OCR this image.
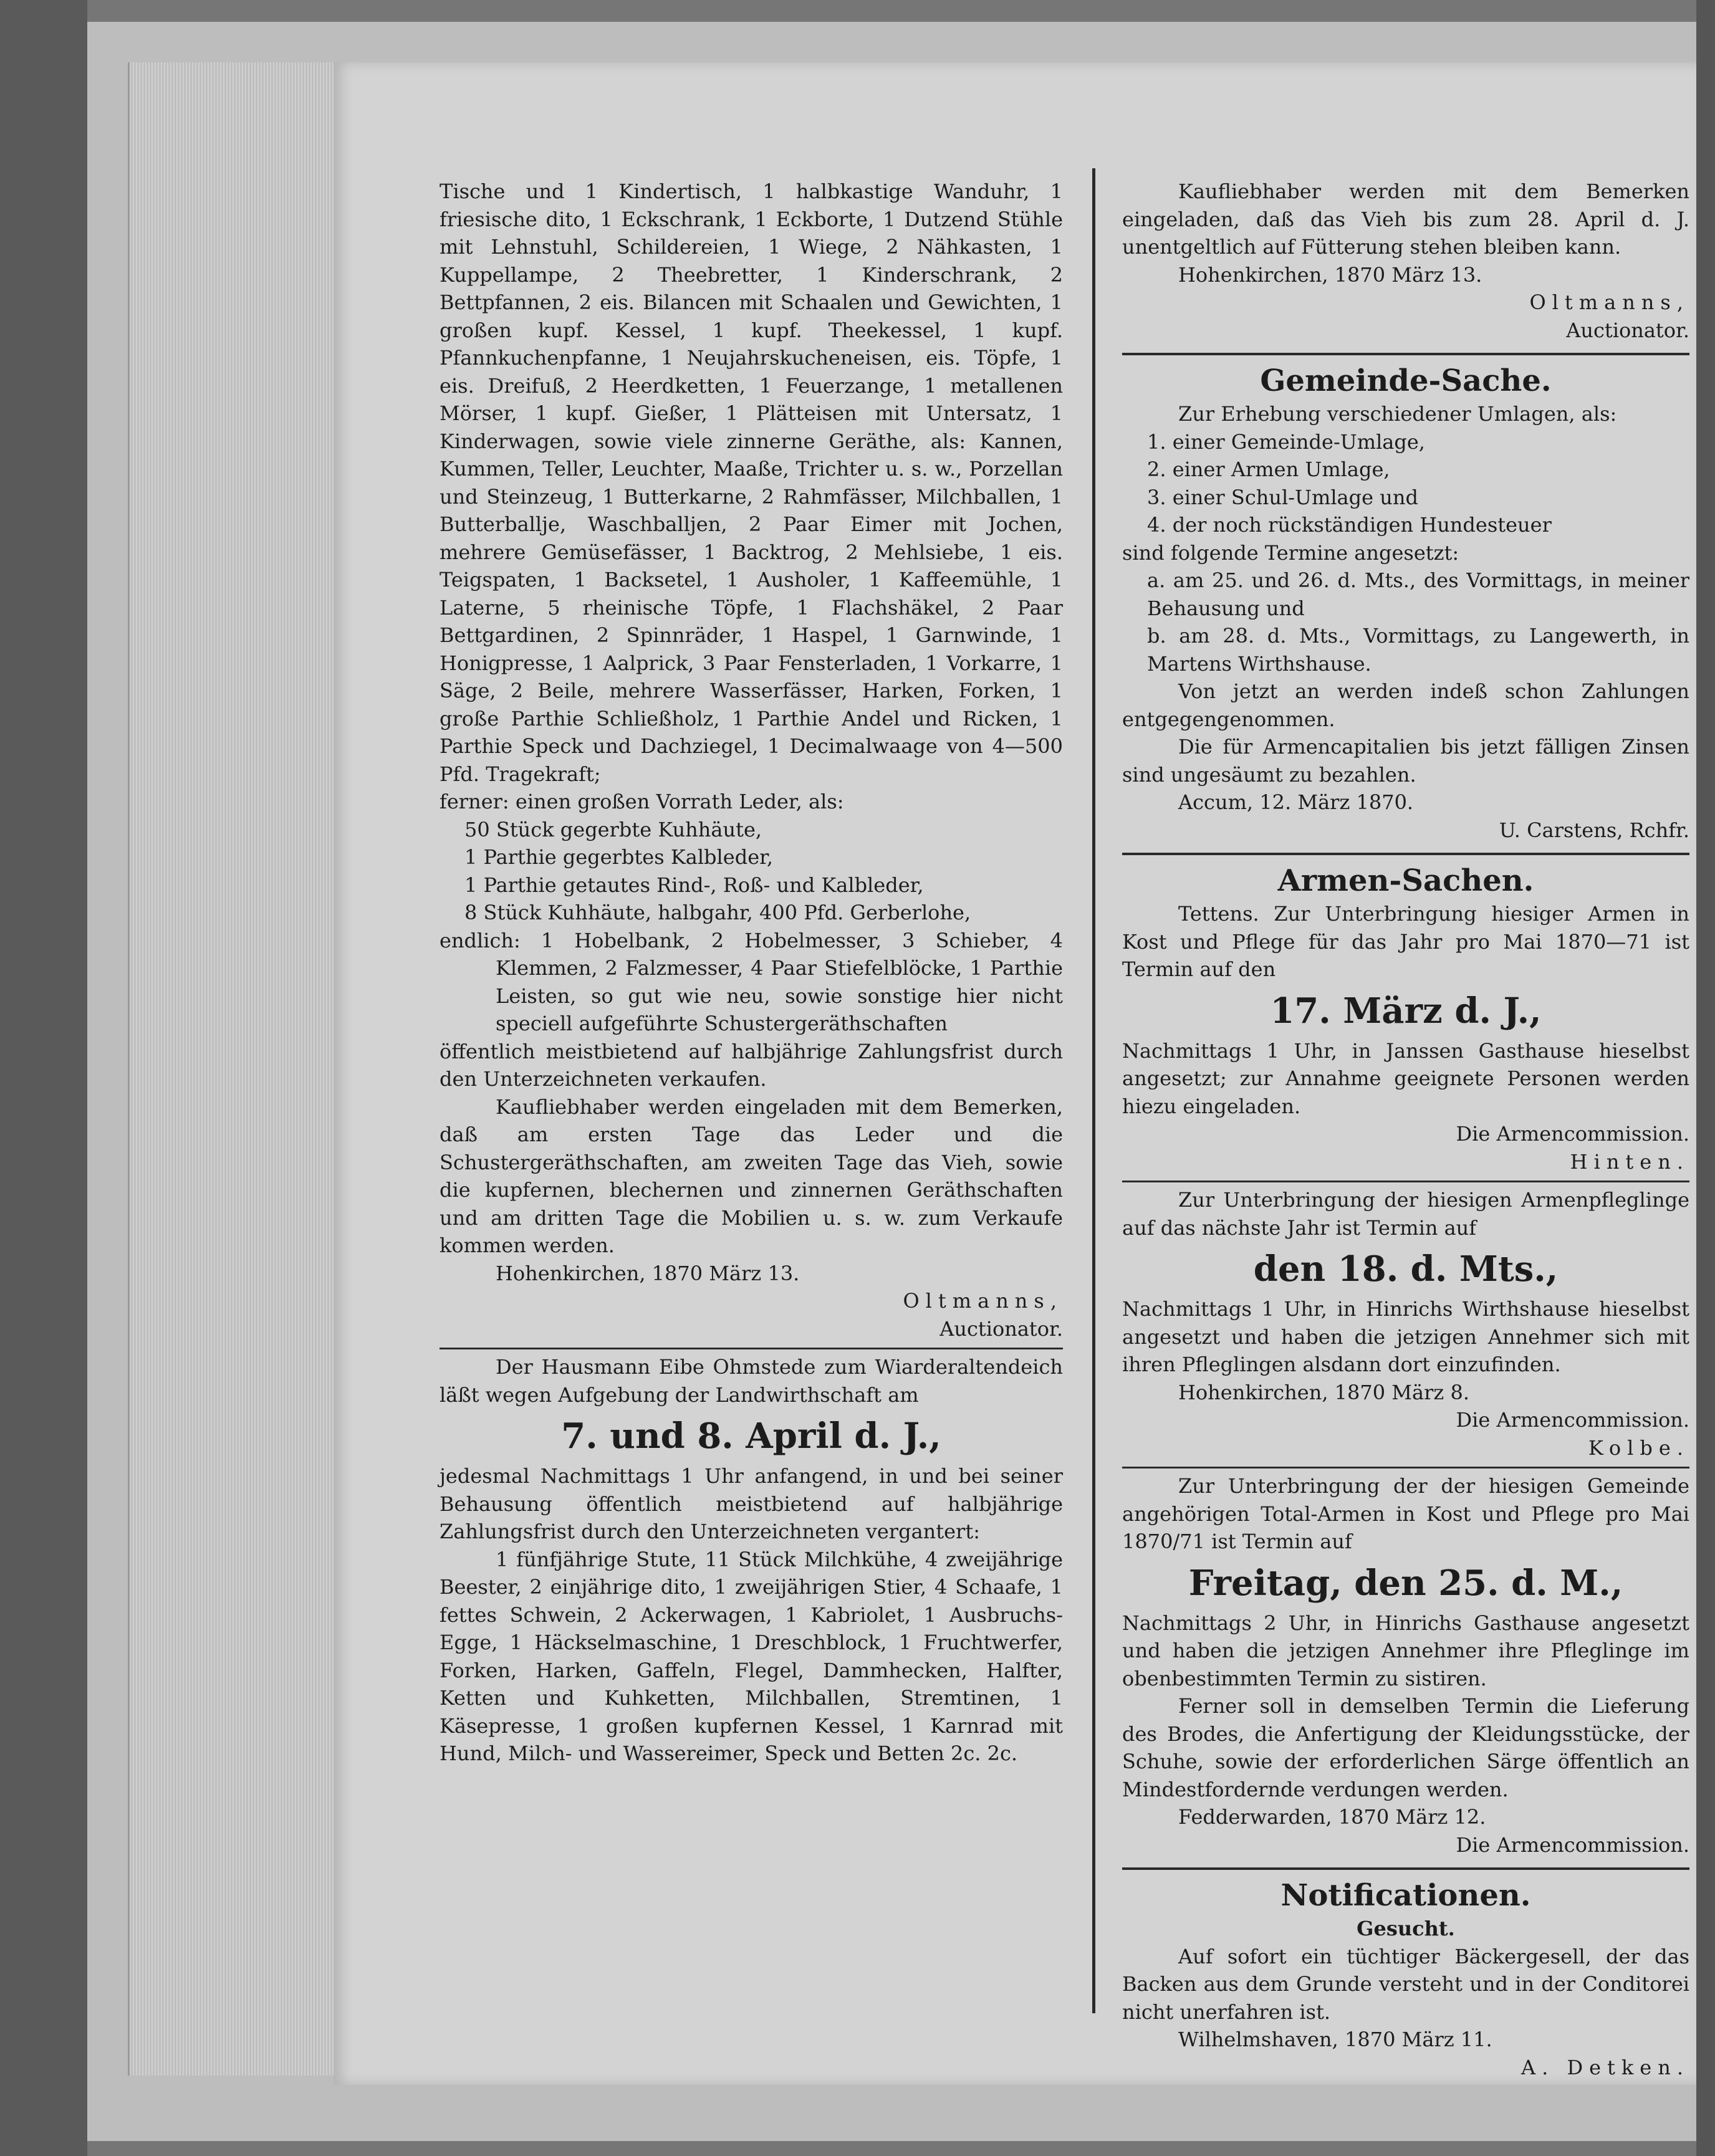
Tische und 1 Kindertisch, 1 halbkastige Wanduhr, 1 friesische dito, 1 Eckschrank, 1 Eckborte, 1 Dutzend Stühle mit Lehnstuhl, Schildereien, 1 Wiege, 2 Nähkasten, 1 Kuppellampe, 2 Theebretter, 1 Kinderschrank, 2 Bettpfannen, 2 eis. Bilancen mit Schaalen und Gewichten, 1 großen kupf. Kessel, 1 kupf. Theekessel, 1 kupf. Pfannkuchenpfanne, 1 Neujahrskucheneisen, eis. Töpfe, 1 eis. Dreifuß, 2 Heerdketten, 1 Feuerzange, 1 metallenen Mörser, 1 kupf. Gießer, 1 Plätteisen mit Untersatz, 1 Kinderwagen, sowie viele zinnerne Geräthe, als: Kannen, Kummen, Teller, Leuchter, Maaße, Trichter u. s. w., Porzellan und Steinzeug, 1 Butterkarne, 2 Rahmfässer, Milchballen, 1 Butterballje, Waschballjen, 2 Paar Eimer mit Jochen, mehrere Gemüsefässer, 1 Backtrog, 2 Mehlsiebe, 1 eis. Teigspaten, 1 Backsetel, 1 Ausholer, 1 Kaffeemühle, 1 Laterne, 5 rheinische Töpfe, 1 Flachshäkel, 2 Paar Bettgardinen, 2 Spinnräder, 1 Haspel, 1 Garnwinde, 1 Honigpresse, 1 Aalprick, 3 Paar Fensterladen, 1 Vorkarre, 1 Säge, 2 Beile, mehrere Wasserfässer, Harken, Forken, 1 große Parthie Schließholz, 1 Parthie Andel und Ricken, 1 Parthie Speck und Dachziegel, 1 Decimalwaage von 4—500 Pfd. Tragekraft;

ferner: einen großen Vorrath Leder, als:

50 Stück gegerbte Kuhhäute,

1 Parthie gegerbtes Kalbleder,

1 Parthie getautes Rind-, Roß- und Kalbleder,

8 Stück Kuhhäute, halbgahr, 400 Pfd. Gerberlohe,

endlich: 1 Hobelbank, 2 Hobelmesser, 3 Schieber, 4 Klemmen, 2 Falzmesser, 4 Paar Stiefelblöcke, 1 Parthie Leisten, so gut wie neu, sowie sonstige hier nicht speciell aufgeführte Schustergeräthschaften

öffentlich meistbietend auf halbjährige Zahlungsfrist durch den Unterzeichneten verkaufen.

Kaufliebhaber werden eingeladen mit dem Bemerken, daß am ersten Tage das Leder und die Schustergeräthschaften, am zweiten Tage das Vieh, sowie die kupfernen, blechernen und zinnernen Geräthschaften und am dritten Tage die Mobilien u. s. w. zum Verkaufe kommen werden.

Hohenkirchen, 1870 März 13.

Oltmanns,

Auctionator.

Der Hausmann Eibe Ohmstede zum Wiarderaltendeich läßt wegen Aufgebung der Landwirthschaft am

7. und 8. April d. J.,

jedesmal Nachmittags 1 Uhr anfangend, in und bei seiner Behausung öffentlich meistbietend auf halbjährige Zahlungsfrist durch den Unterzeichneten vergantert:

1 fünfjährige Stute, 11 Stück Milchkühe, 4 zweijährige Beester, 2 einjährige dito, 1 zweijährigen Stier, 4 Schaafe, 1 fettes Schwein, 2 Ackerwagen, 1 Kabriolet, 1 Ausbruchs-Egge, 1 Häckselmaschine, 1 Dreschblock, 1 Fruchtwerfer, Forken, Harken, Gaffeln, Flegel, Dammhecken, Halfter, Ketten und Kuhketten, Milchballen, Stremtinen, 1 Käsepresse, 1 großen kupfernen Kessel, 1 Karnrad mit Hund, Milch- und Wassereimer, Speck und Betten 2c. 2c.

Kaufliebhaber werden mit dem Bemerken eingeladen, daß das Vieh bis zum 28. April d. J. unentgeltlich auf Fütterung stehen bleiben kann.

Hohenkirchen, 1870 März 13.

Oltmanns,

Auctionator.

Gemeinde-Sache.

Zur Erhebung verschiedener Umlagen, als:

1. einer Gemeinde-Umlage,

2. einer Armen Umlage,

3. einer Schul-Umlage und

4. der noch rückständigen Hundesteuer

sind folgende Termine angesetzt:

a. am 25. und 26. d. Mts., des Vormittags, in meiner Behausung und

b. am 28. d. Mts., Vormittags, zu Langewerth, in Martens Wirthshause.

Von jetzt an werden indeß schon Zahlungen entgegengenommen.

Die für Armencapitalien bis jetzt fälligen Zinsen sind ungesäumt zu bezahlen.

Accum, 12. März 1870.

U. Carstens, Rchfr.

Armen-Sachen.

Tettens. Zur Unterbringung hiesiger Armen in Kost und Pflege für das Jahr pro Mai 1870—71 ist Termin auf den

17. März d. J.,

Nachmittags 1 Uhr, in Janssen Gasthause hieselbst angesetzt; zur Annahme geeignete Personen werden hiezu eingeladen.

Die Armencommission.

Hinten.

Zur Unterbringung der hiesigen Armenpfleglinge auf das nächste Jahr ist Termin auf

den 18. d. Mts.,

Nachmittags 1 Uhr, in Hinrichs Wirthshause hieselbst angesetzt und haben die jetzigen Annehmer sich mit ihren Pfleglingen alsdann dort einzufinden.

Hohenkirchen, 1870 März 8.

Die Armencommission.

Kolbe.

Zur Unterbringung der der hiesigen Gemeinde angehörigen Total-Armen in Kost und Pflege pro Mai 1870/71 ist Termin auf

Freitag, den 25. d. M.,

Nachmittags 2 Uhr, in Hinrichs Gasthause angesetzt und haben die jetzigen Annehmer ihre Pfleglinge im obenbestimmten Termin zu sistiren.

Ferner soll in demselben Termin die Lieferung des Brodes, die Anfertigung der Kleidungsstücke, der Schuhe, sowie der erforderlichen Särge öffentlich an Mindestfordernde verdungen werden.

Fedderwarden, 1870 März 12.

Die Armencommission.

Notificationen.

Gesucht.

Auf sofort ein tüchtiger Bäckergesell, der das Backen aus dem Grunde versteht und in der Conditorei nicht unerfahren ist.

Wilhelmshaven, 1870 März 11.

A. Detken.
